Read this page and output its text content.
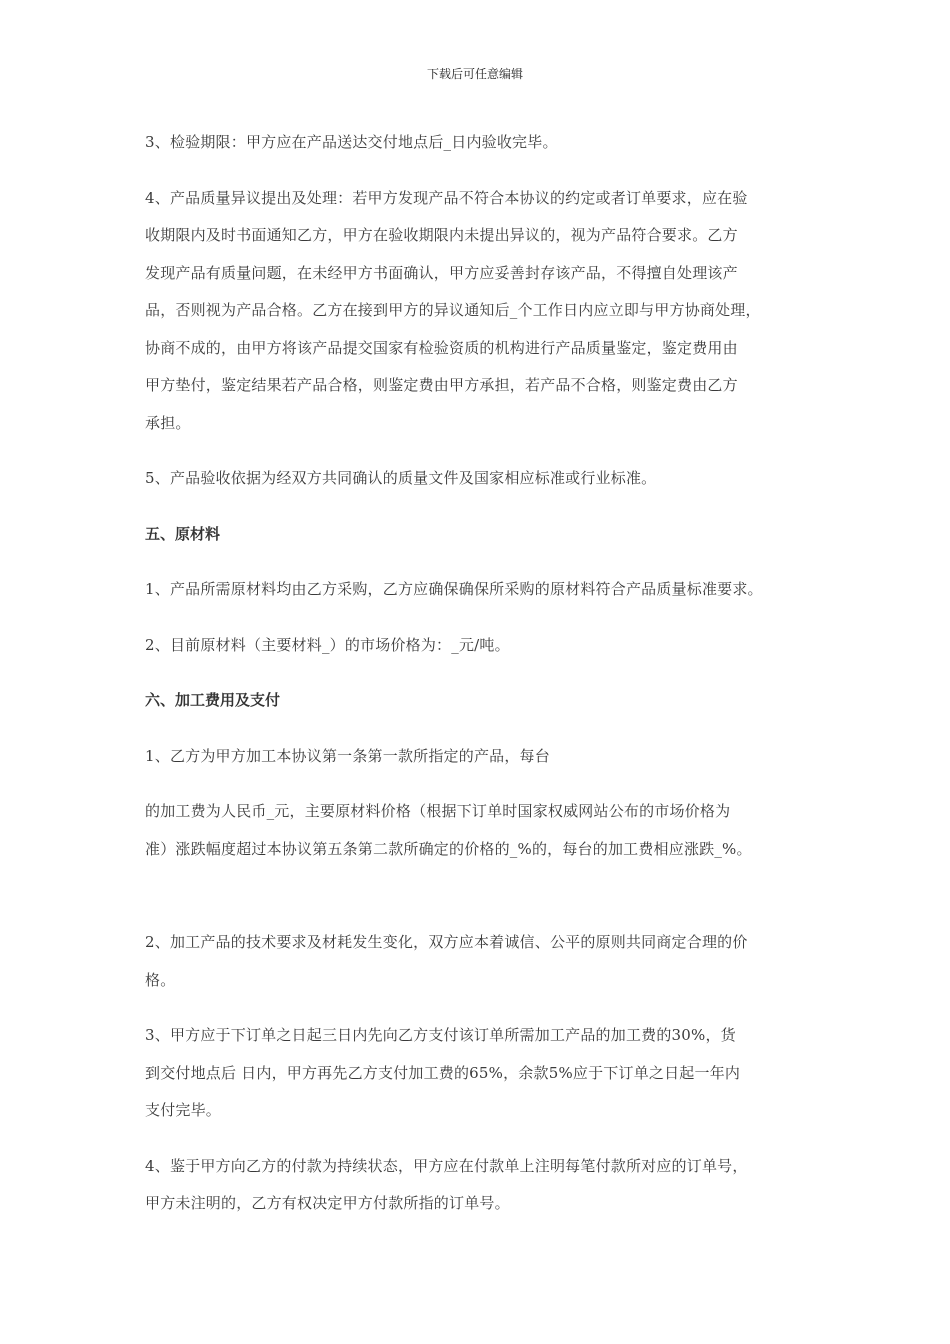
下载后可任意编辑

3、检验期限：甲方应在产品送达交付地点后_日内验收完毕。

4、产品质量异议提出及处理：若甲方发现产品不符合本协议的约定或者订单要求，应在验
收期限内及时书面通知乙方，甲方在验收期限内未提出异议的，视为产品符合要求。乙方
发现产品有质量问题，在未经甲方书面确认，甲方应妥善封存该产品，不得擅自处理该产
品，否则视为产品合格。乙方在接到甲方的异议通知后_个工作日内应立即与甲方协商处理，
协商不成的，由甲方将该产品提交国家有检验资质的机构进行产品质量鉴定，鉴定费用由
甲方垫付，鉴定结果若产品合格，则鉴定费由甲方承担，若产品不合格，则鉴定费由乙方
承担。

5、产品验收依据为经双方共同确认的质量文件及国家相应标准或行业标准。

五、原材料

1、产品所需原材料均由乙方采购，乙方应确保确保所采购的原材料符合产品质量标准要求。

2、目前原材料（主要材料_）的市场价格为：_元/吨。

六、加工费用及支付

1、乙方为甲方加工本协议第一条第一款所指定的产品，每台

的加工费为人民币_元，主要原材料价格（根据下订单时国家权威网站公布的市场价格为
准）涨跌幅度超过本协议第五条第二款所确定的价格的_%的，每台的加工费相应涨跌_%。

2、加工产品的技术要求及材耗发生变化，双方应本着诚信、公平的原则共同商定合理的价
格。

3、甲方应于下订单之日起三日内先向乙方支付该订单所需加工产品的加工费的30%，货
到交付地点后 日内，甲方再先乙方支付加工费的65%，余款5%应于下订单之日起一年内
支付完毕。

4、鉴于甲方向乙方的付款为持续状态，甲方应在付款单上注明每笔付款所对应的订单号，
甲方未注明的，乙方有权决定甲方付款所指的订单号。
